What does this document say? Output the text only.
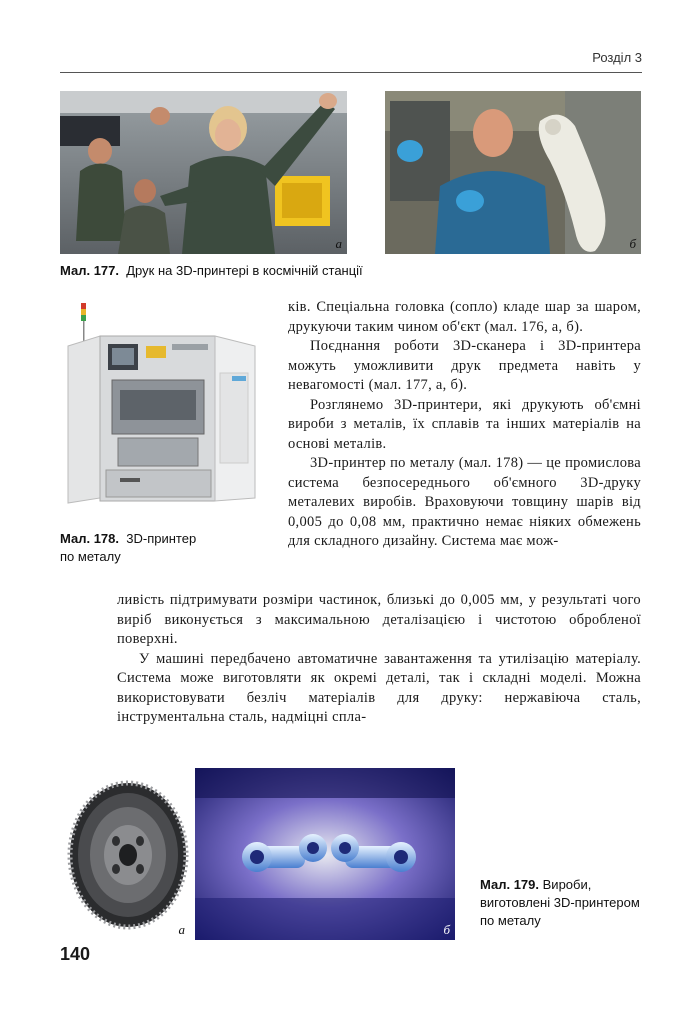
Розділ 3
а	б
Мал. 177. Друк на 3D-принтері в космічній станції
Мал. 178. 3D-принтер
по металу

ків. Спеціальна головка (сопло) кладе шар за шаром, друкуючи таким чином об'єкт (мал. 176, а, б).

Поєднання роботи 3D-сканера і 3D-принтера можуть уможливити друк предмета навіть у невагомості (мал. 177, а, б).

Розглянемо 3D-принтери, які друкують об'ємні вироби з металів, їх сплавів та інших матеріалів на основі металів.

3D-принтер по металу (мал. 178) — це промислова система безпосереднього об'ємного 3D-друку металевих виробів. Враховуючи товщину шарів від 0,005 до 0,08 мм, практично немає ніяких обмежень для складного дизайну. Система має мож-

ливість підтримувати розміри частинок, близькі до 0,005 мм, у результаті чого виріб виконується з максимальною деталізацією і чистотою обробленої поверхні.

У машині передбачено автоматичне завантаження та утилізацію матеріалу. Система може виготовляти як окремі деталі, так і складні моделі. Можна використовувати безліч матеріалів для друку: нержавіюча сталь, інструментальна сталь, надміцні спла-

а	б
Мал. 179. Вироби, виготовлені 3D-принтером по металу
140
